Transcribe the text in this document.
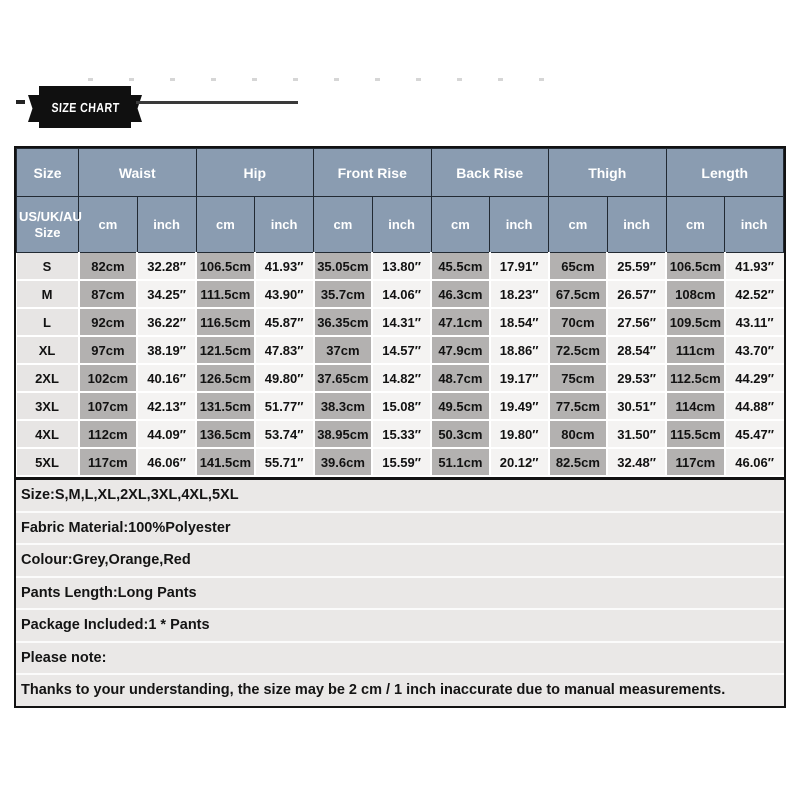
SIZE CHART
Size	Waist		Hip		Front Rise		Back Rise		Thigh		Length	
US/UK/AU Size	cm	inch	cm	inch	cm	inch	cm	inch	cm	inch	cm	inch
S	82cm	32.28″	106.5cm	41.93″	35.05cm	13.80″	45.5cm	17.91″	65cm	25.59″	106.5cm	41.93″
M	87cm	34.25″	111.5cm	43.90″	35.7cm	14.06″	46.3cm	18.23″	67.5cm	26.57″	108cm	42.52″
L	92cm	36.22″	116.5cm	45.87″	36.35cm	14.31″	47.1cm	18.54″	70cm	27.56″	109.5cm	43.11″
XL	97cm	38.19″	121.5cm	47.83″	37cm	14.57″	47.9cm	18.86″	72.5cm	28.54″	111cm	43.70″
2XL	102cm	40.16″	126.5cm	49.80″	37.65cm	14.82″	48.7cm	19.17″	75cm	29.53″	112.5cm	44.29″
3XL	107cm	42.13″	131.5cm	51.77″	38.3cm	15.08″	49.5cm	19.49″	77.5cm	30.51″	114cm	44.88″
4XL	112cm	44.09″	136.5cm	53.74″	38.95cm	15.33″	50.3cm	19.80″	80cm	31.50″	115.5cm	45.47″
5XL	117cm	46.06″	141.5cm	55.71″	39.6cm	15.59″	51.1cm	20.12″	82.5cm	32.48″	117cm	46.06″
Size:S,M,L,XL,2XL,3XL,4XL,5XL
Fabric Material:100%Polyester
Colour:Grey,Orange,Red
Pants Length:Long Pants
Package Included:1 * Pants
Please note:
Thanks to your understanding, the size may be 2 cm / 1 inch inaccurate due to manual measurements.
